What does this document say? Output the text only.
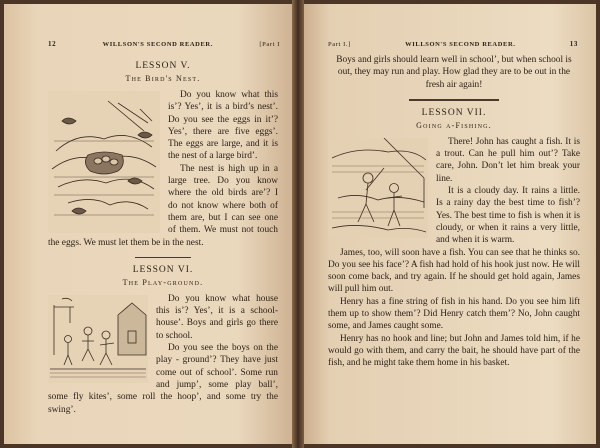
12	WILLSON'S SECOND READER.	[Part I

LESSON V.

The Bird's Nest.

Do you know what this is’? Yes’, it is a bird’s nest’. Do you see the eggs in it’? Yes’, there are five eggs’. The eggs are large, and it is the nest of a large bird’.

The nest is high up in a large tree. Do you know where the old birds are’? I do not know where both of them are, but I can see one of them. We must not touch the eggs. We must let them be in the nest.

LESSON VI.

The Play-ground.

Do you know what house this is’? Yes’, it is a school-house’. Boys and girls go there to school.

Do you see the boys on the play - ground’? They have just come out of school’. Some run and jump’, some play ball’, some fly kites’, some roll the hoop’, and some try the swing’.

Part I.]	WILLSON'S SECOND READER.	13

Boys and girls should learn well in school’, but when school is out, they may run and play. How glad they are to be out in the fresh air again!

LESSON VII.

Going a-Fishing.

There! John has caught a fish. It is a trout. Can he pull him out’? Take care, John. Don’t let him break your line.

It is a cloudy day. It rains a little. Is a rainy day the best time to fish’? Yes. The best time to fish is when it is cloudy, or when it rains a very little, and when it is warm.

James, too, will soon have a fish. You can see that he thinks so. Do you see his face’? A fish had hold of his hook just now. He will soon come back, and try again. If he should get hold again, James will pull him out.

Henry has a fine string of fish in his hand. Do you see him lift them up to show them’? Did Henry catch them’? No, John caught some, and James caught some.

Henry has no hook and line; but John and James told him, if he would go with them, and carry the bait, he should have part of the fish, and he might take them home in his basket.
